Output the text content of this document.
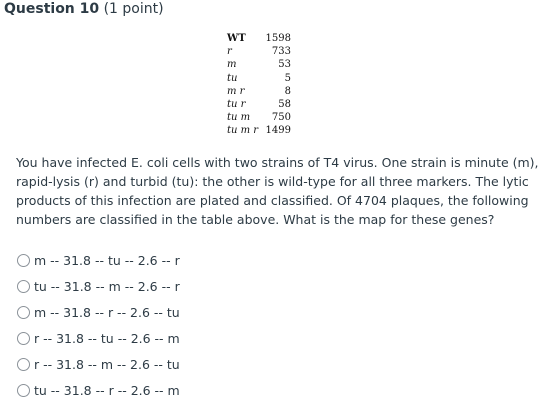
Question 10 (1 point)
WT 1598
r	733
m	53
tu	5
m r	8
tu r	58
tu m 750
tu m r 1499
You have infected E. coli cells with two strains of T4 virus. One strain is minute (m), rapid-lysis (r) and turbid (tu): the other is wild-type for all three markers. The lytic products of this infection are plated and classified. Of 4704 plaques, the following numbers are classified in the table above. What is the map for these genes?
m -- 31.8 -- tu -- 2.6 -- r
tu -- 31.8 -- m -- 2.6 -- r
m -- 31.8 -- r -- 2.6 -- tu
r -- 31.8 -- tu -- 2.6 -- m
r -- 31.8 -- m -- 2.6 -- tu
tu -- 31.8 -- r -- 2.6 -- m
